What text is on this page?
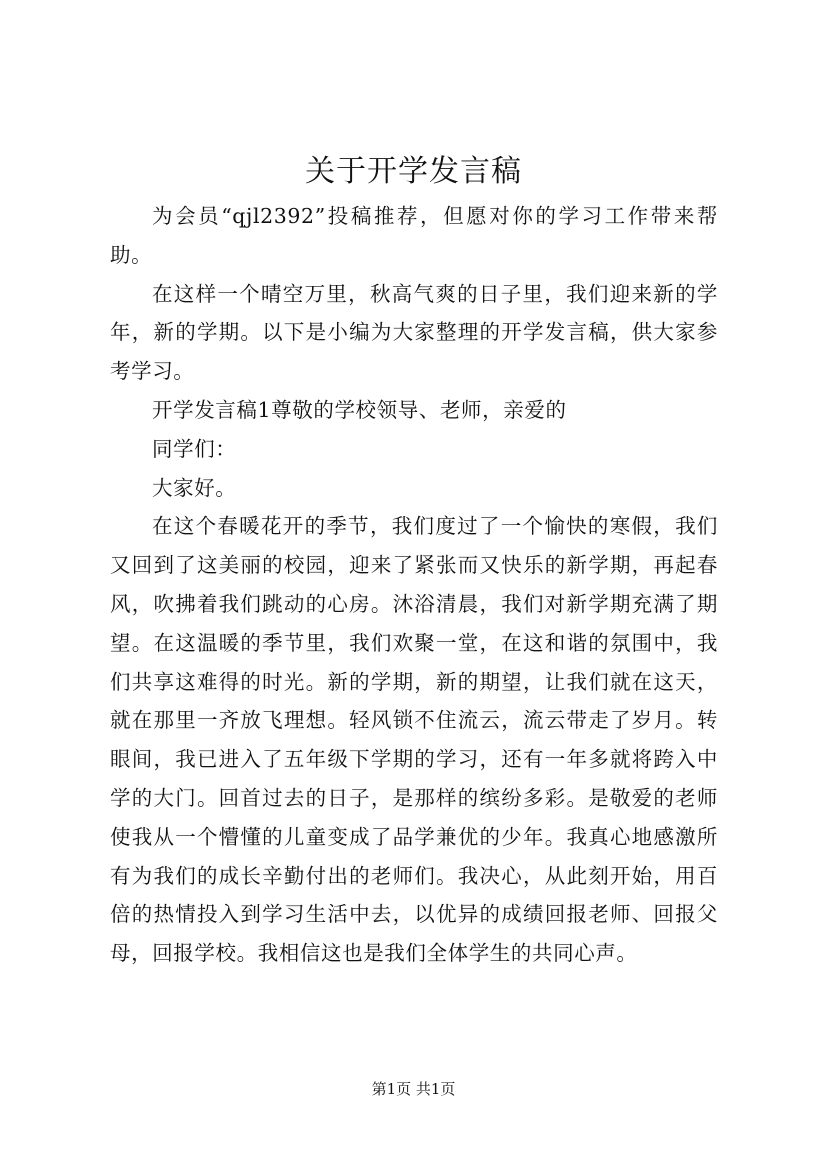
关于开学发言稿

为会员“qjl2392”投稿推荐，但愿对你的学习工作带来帮助。

在这样一个晴空万里，秋高气爽的日子里，我们迎来新的学年，新的学期。以下是小编为大家整理的开学发言稿，供大家参考学习。

开学发言稿1尊敬的学校领导、老师，亲爱的

同学们：

大家好。

在这个春暖花开的季节，我们度过了一个愉快的寒假，我们又回到了这美丽的校园，迎来了紧张而又快乐的新学期，再起春风，吹拂着我们跳动的心房。沐浴清晨，我们对新学期充满了期望。在这温暖的季节里，我们欢聚一堂，在这和谐的氛围中，我们共享这难得的时光。新的学期，新的期望，让我们就在这天，就在那里一齐放飞理想。轻风锁不住流云，流云带走了岁月。转眼间，我已进入了五年级下学期的学习，还有一年多就将跨入中学的大门。回首过去的日子，是那样的缤纷多彩。是敬爱的老师使我从一个懵懂的儿童变成了品学兼优的少年。我真心地感激所有为我们的成长辛勤付出的老师们。我决心，从此刻开始，用百倍的热情投入到学习生活中去，以优异的成绩回报老师、回报父母，回报学校。我相信这也是我们全体学生的共同心声。

第1页 共1页
